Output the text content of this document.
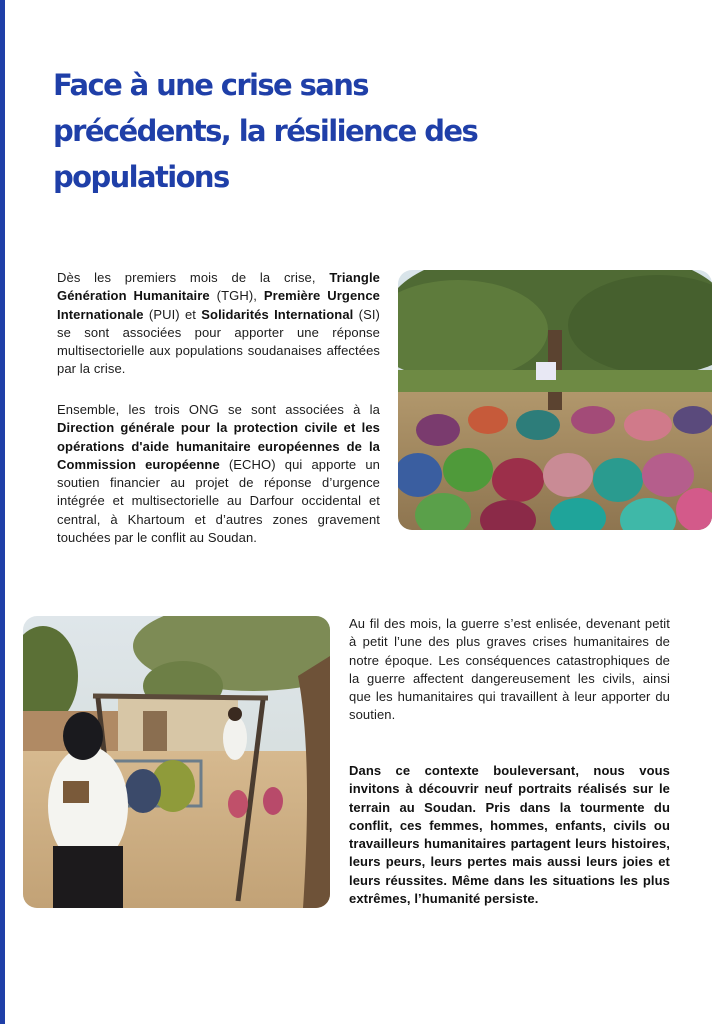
Face à une crise sans précédents, la résilience des populations

Dès les premiers mois de la crise, Triangle Génération Humanitaire (TGH), Première Urgence Internationale (PUI) et Solidarités International (SI) se sont associées pour apporter une réponse multisectorielle aux populations soudanaises affectées par la crise.

Ensemble, les trois ONG se sont associées à la Direction générale pour la protection civile et les opérations d'aide humanitaire européennes de la Commission européenne (ECHO) qui apporte un soutien financier au projet de réponse d’urgence intégrée et multisectorielle au Darfour occidental et central, à Khartoum et d’autres zones gravement touchées par le conflit au Soudan.

Au fil des mois, la guerre s’est enlisée, devenant petit à petit l’une des plus graves crises humanitaires de notre époque. Les conséquences catastrophiques de la guerre affectent dangereusement les civils, ainsi que les humanitaires qui travaillent à leur apporter du soutien.

Dans ce contexte bouleversant, nous vous invitons à découvrir neuf portraits réalisés sur le terrain au Soudan. Pris dans la tourmente du conflit, ces femmes, hommes, enfants, civils ou travailleurs humanitaires partagent leurs histoires, leurs peurs, leurs pertes mais aussi leurs joies et leurs réussites. Même dans les situations les plus extrêmes, l’humanité persiste.
